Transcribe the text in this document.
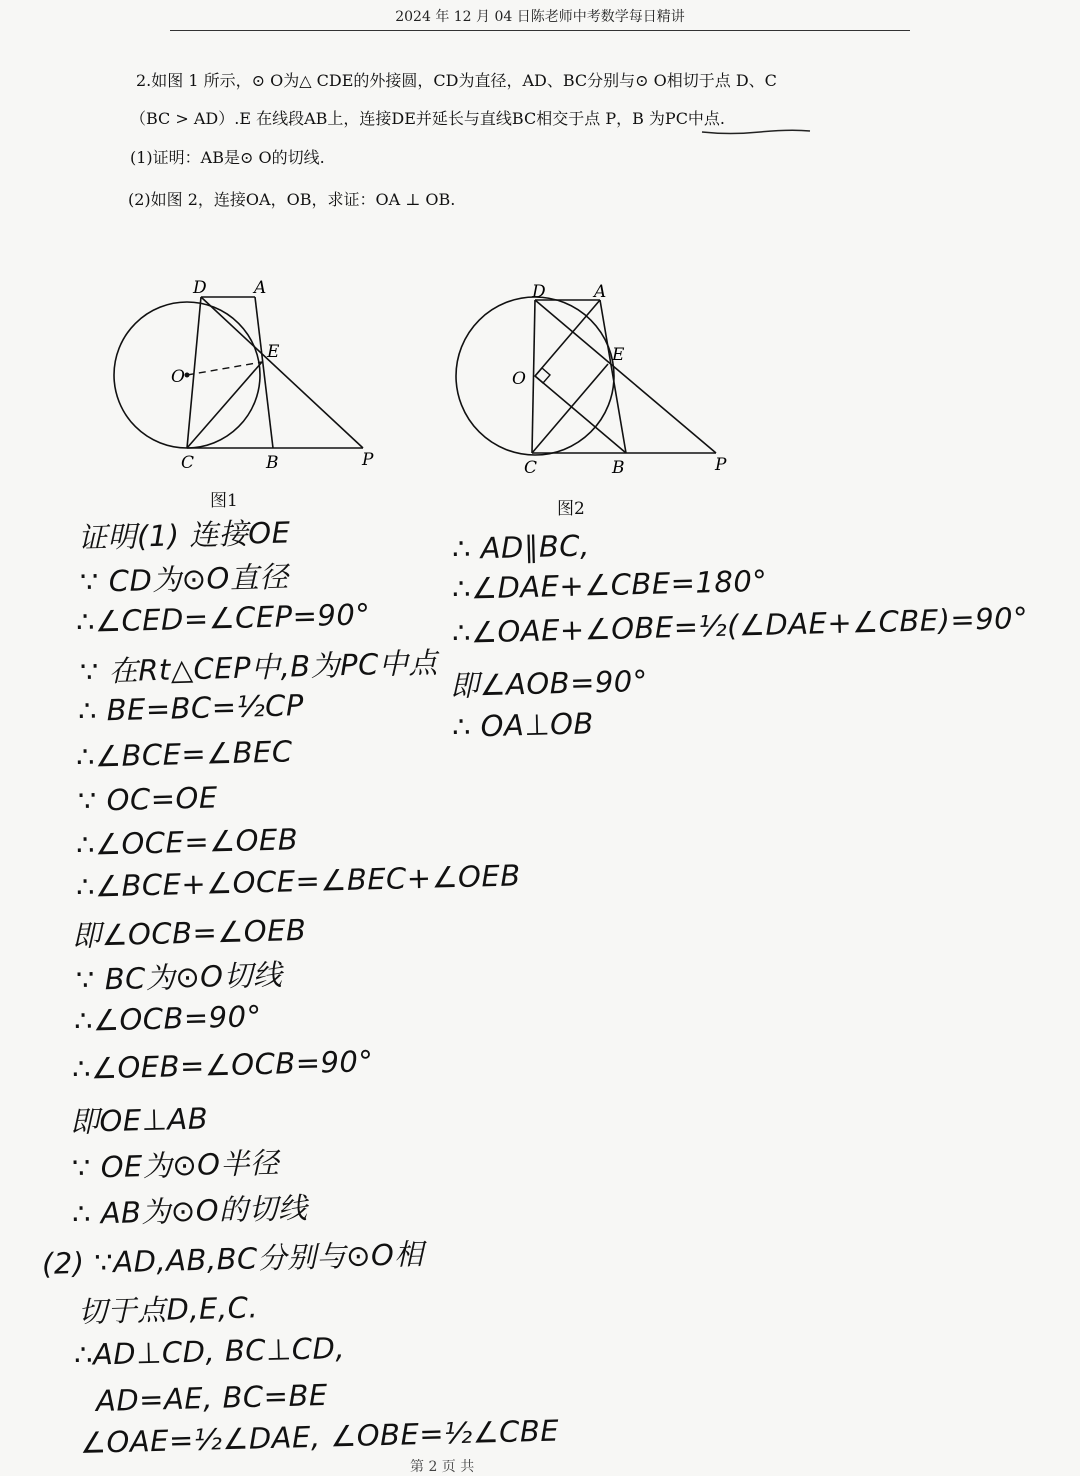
2024 年 12 月 04 日陈老师中考数学每日精讲
2.如图 1 所示，⊙ O为△ CDE的外接圆，CD为直径，AD、BC分别与⊙ O相切于点 D、C
（BC > AD）.E 在线段AB上，连接DE并延长与直线BC相交于点 P，B 为PC中点.
(1)证明：AB是⊙ O的切线.
(2)如图 2，连接OA，OB，求证：OA ⊥ OB.
D	A
E
O
C	B	P
图1
D	A
E
O
C	B	P
图2
证明(1) 连接OE
∵ CD为⊙O直径
∴∠CED=∠CEP=90°
∵ 在Rt△CEP中,B为PC中点
∴ BE=BC=½CP
∴∠BCE=∠BEC
∵ OC=OE
∴∠OCE=∠OEB
∴∠BCE+∠OCE=∠BEC+∠OEB
即∠OCB=∠OEB
∵ BC为⊙O切线
∴∠OCB=90°
∴∠OEB=∠OCB=90°
即OE⊥AB
∵ OE为⊙O半径
∴ AB为⊙O的切线
(2) ∵AD,AB,BC分别与⊙O相
切于点D,E,C.
∴AD⊥CD, BC⊥CD,
AD=AE, BC=BE
∠OAE=½∠DAE, ∠OBE=½∠CBE
∴ AD∥BC,
∴∠DAE+∠CBE=180°
∴∠OAE+∠OBE=½(∠DAE+∠CBE)=90°
即∠AOB=90°
∴ OA⊥OB
第 2 页 共
